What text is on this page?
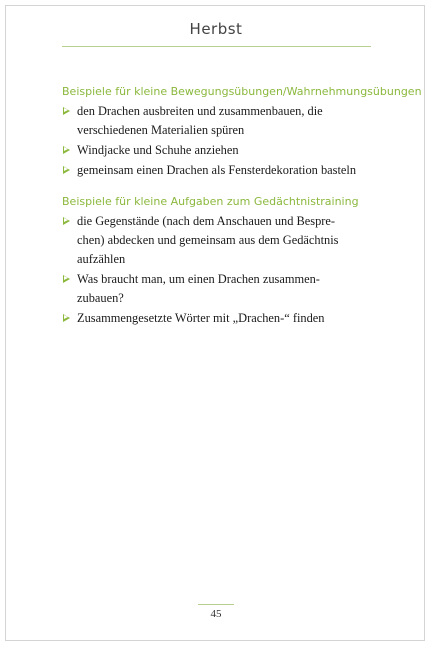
Herbst
Beispiele für kleine Bewegungsübungen/Wahrnehmungsübungen
den Drachen ausbreiten und zusammenbauen, die
verschiedenen Materialien spüren
Windjacke und Schuhe anziehen
gemeinsam einen Drachen als Fensterdekoration basteln
Beispiele für kleine Aufgaben zum Gedächtnistraining
die Gegenstände (nach dem Anschauen und Bespre-
chen) abdecken und gemeinsam aus dem Gedächtnis
aufzählen
Was braucht man, um einen Drachen zusammen-
zubauen?
Zusammengesetzte Wörter mit „Drachen-“ finden
45
